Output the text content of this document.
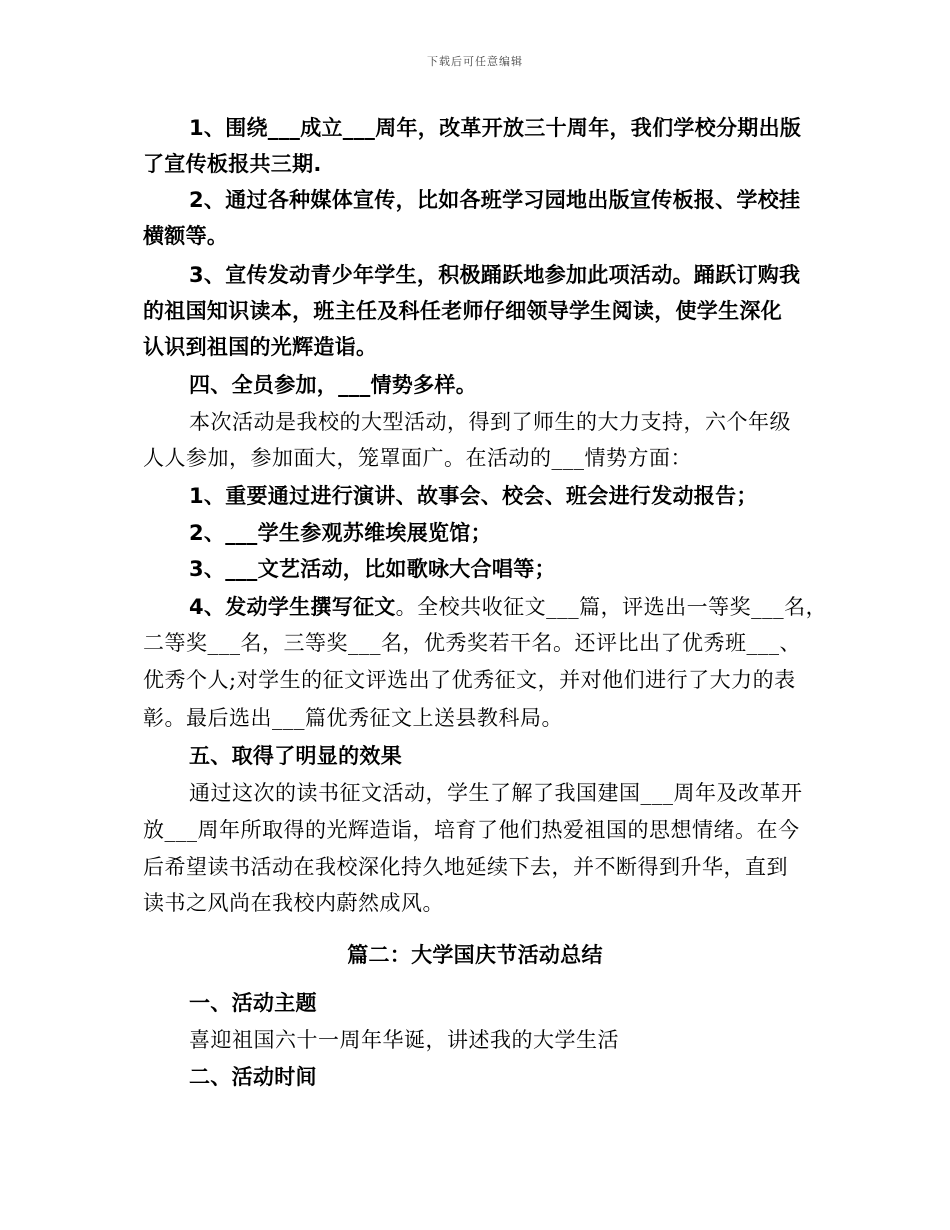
下载后可任意编辑
1、围绕___成立___周年，改革开放三十周年，我们学校分期出版
了宣传板报共三期.
2、通过各种媒体宣传，比如各班学习园地出版宣传板报、学校挂
横额等。
3、宣传发动青少年学生，积极踊跃地参加此项活动。踊跃订购我
的祖国知识读本，班主任及科任老师仔细领导学生阅读，使学生深化
认识到祖国的光辉造诣。
四、全员参加，___情势多样。
本次活动是我校的大型活动，得到了师生的大力支持，六个年级
人人参加，参加面大，笼罩面广。在活动的___情势方面：
1、重要通过进行演讲、故事会、校会、班会进行发动报告；
2、___学生参观苏维埃展览馆；
3、___文艺活动，比如歌咏大合唱等；
4、发动学生撰写征文。全校共收征文___篇，评选出一等奖___名，
二等奖___名，三等奖___名，优秀奖若干名。还评比出了优秀班___、
优秀个人;对学生的征文评选出了优秀征文，并对他们进行了大力的表
彰。最后选出___篇优秀征文上送县教科局。
五、取得了明显的效果
通过这次的读书征文活动，学生了解了我国建国___周年及改革开
放___周年所取得的光辉造诣，培育了他们热爱祖国的思想情绪。在今
后希望读书活动在我校深化持久地延续下去，并不断得到升华，直到
读书之风尚在我校内蔚然成风。
篇二：大学国庆节活动总结
一、活动主题
喜迎祖国六十一周年华诞，讲述我的大学生活
二、活动时间
